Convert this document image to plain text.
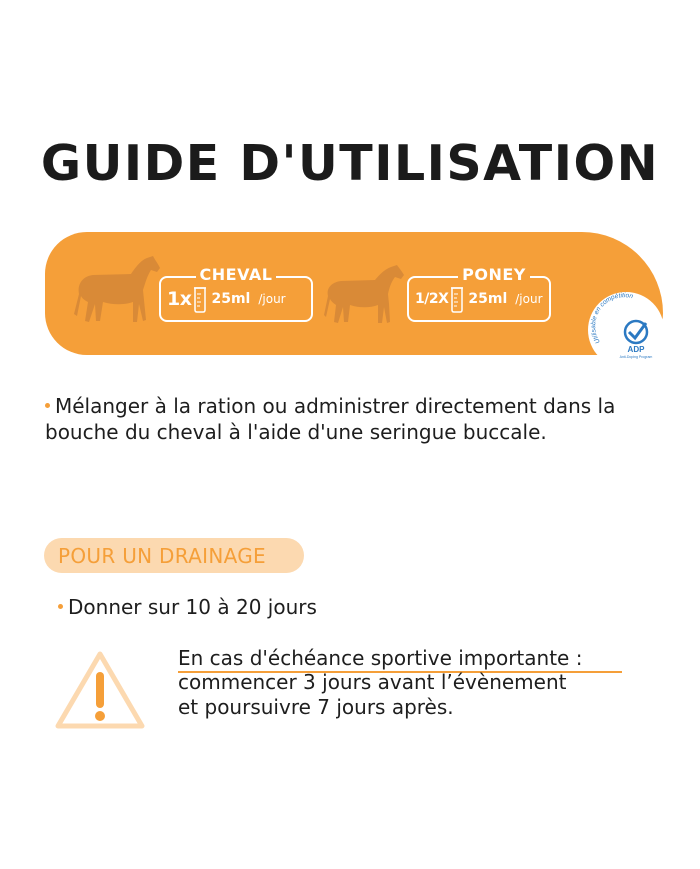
GUIDE D'UTILISATION
CHEVAL
1x 25ml /jour
PONEY
1/2X 25ml /jour
Utilisable en compétition
ADP
Anti-Doping Program
Mélanger à la ration ou administrer directement dans la bouche du cheval à l'aide d'une seringue buccale.
POUR UN DRAINAGE
Donner sur 10 à 20 jours
En cas d'échéance sportive importante :
commencer 3 jours avant l’évènement
et poursuivre 7 jours après.
